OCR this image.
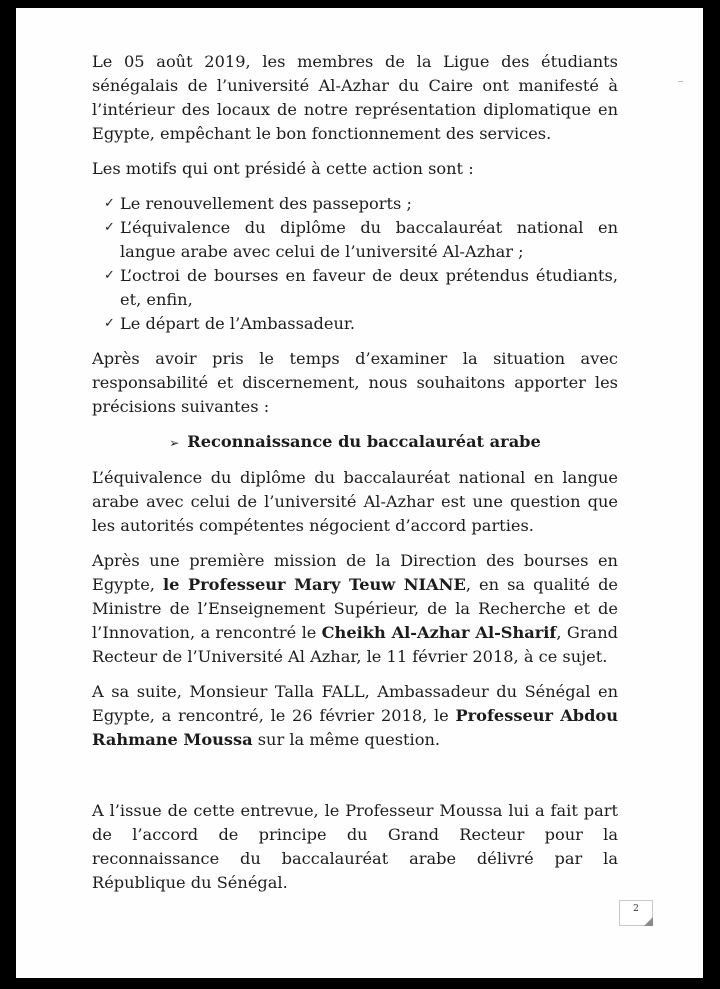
Le 05 août 2019, les membres de la Ligue des étudiants sénégalais de l’université Al-Azhar du Caire ont manifesté à l’intérieur des locaux de notre représentation diplomatique en Egypte, empêchant le bon fonctionnement des services.

Les motifs qui ont présidé à cette action sont :

✓ Le renouvellement des passeports ;
✓ L’équivalence du diplôme du baccalauréat national en langue arabe avec celui de l’université Al-Azhar ;
✓ L’octroi de bourses en faveur de deux prétendus étudiants, et, enfin,
✓ Le départ de l’Ambassadeur.

Après avoir pris le temps d’examiner la situation avec responsabilité et discernement, nous souhaitons apporter les précisions suivantes :

➢ Reconnaissance du baccalauréat arabe

L’équivalence du diplôme du baccalauréat national en langue arabe avec celui de l’université Al-Azhar est une question que les autorités compétentes négocient d’accord parties.

Après une première mission de la Direction des bourses en Egypte, le Professeur Mary Teuw NIANE, en sa qualité de Ministre de l’Enseignement Supérieur, de la Recherche et de l’Innovation, a rencontré le Cheikh Al-Azhar Al-Sharif, Grand Recteur de l’Université Al Azhar, le 11 février 2018, à ce sujet.

A sa suite, Monsieur Talla FALL, Ambassadeur du Sénégal en Egypte, a rencontré, le 26 février 2018, le Professeur Abdou Rahmane Moussa sur la même question.

A l’issue de cette entrevue, le Professeur Moussa lui a fait part de l’accord de principe du Grand Recteur pour la reconnaissance du baccalauréat arabe délivré par la République du Sénégal.

2
